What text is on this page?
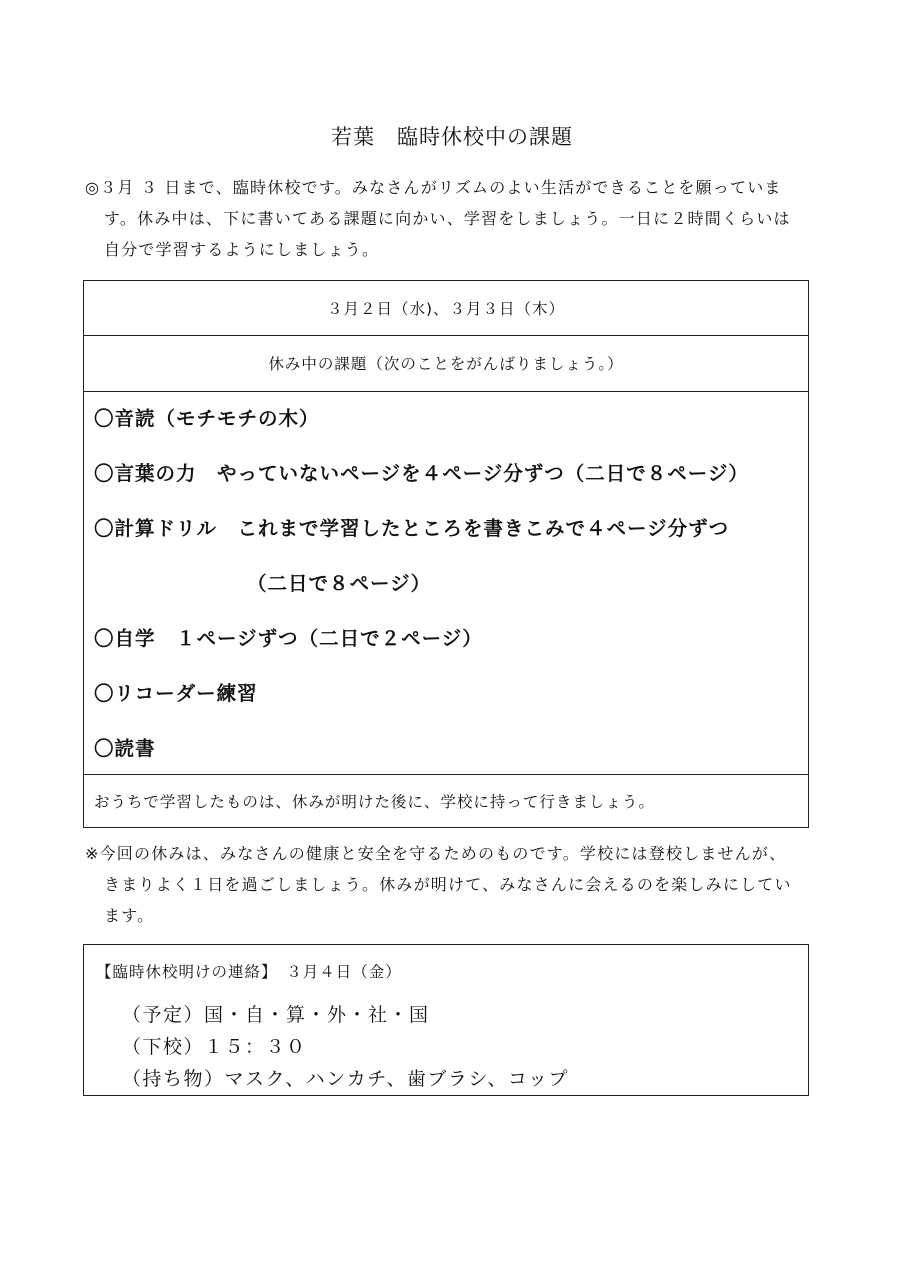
若葉　臨時休校中の課題
◎３月 ３ 日まで、臨時休校です。みなさんがリズムのよい生活ができることを願っていま
す。休み中は、下に書いてある課題に向かい、学習をしましょう。一日に２時間くらいは
自分で学習するようにしましょう。
３月２日（水)、３月３日（木）
休み中の課題（次のことをがんばりましょう。）
〇音読（モチモチの木）
〇言葉の力　やっていないページを４ページ分ずつ（二日で８ページ）
〇計算ドリル　これまで学習したところを書きこみで４ページ分ずつ
（二日で８ページ）
〇自学　１ページずつ（二日で２ページ）
〇リコーダー練習
〇読書
おうちで学習したものは、休みが明けた後に、学校に持って行きましょう。
※今回の休みは、みなさんの健康と安全を守るためのものです。学校には登校しませんが、
きまりよく１日を過ごしましょう。休みが明けて、みなさんに会えるのを楽しみにしてい
ます。
【臨時休校明けの連絡】　３月４日（金）
（予定）国・自・算・外・社・国
（下校）１５：３０
（持ち物）マスク、ハンカチ、歯ブラシ、コップ
